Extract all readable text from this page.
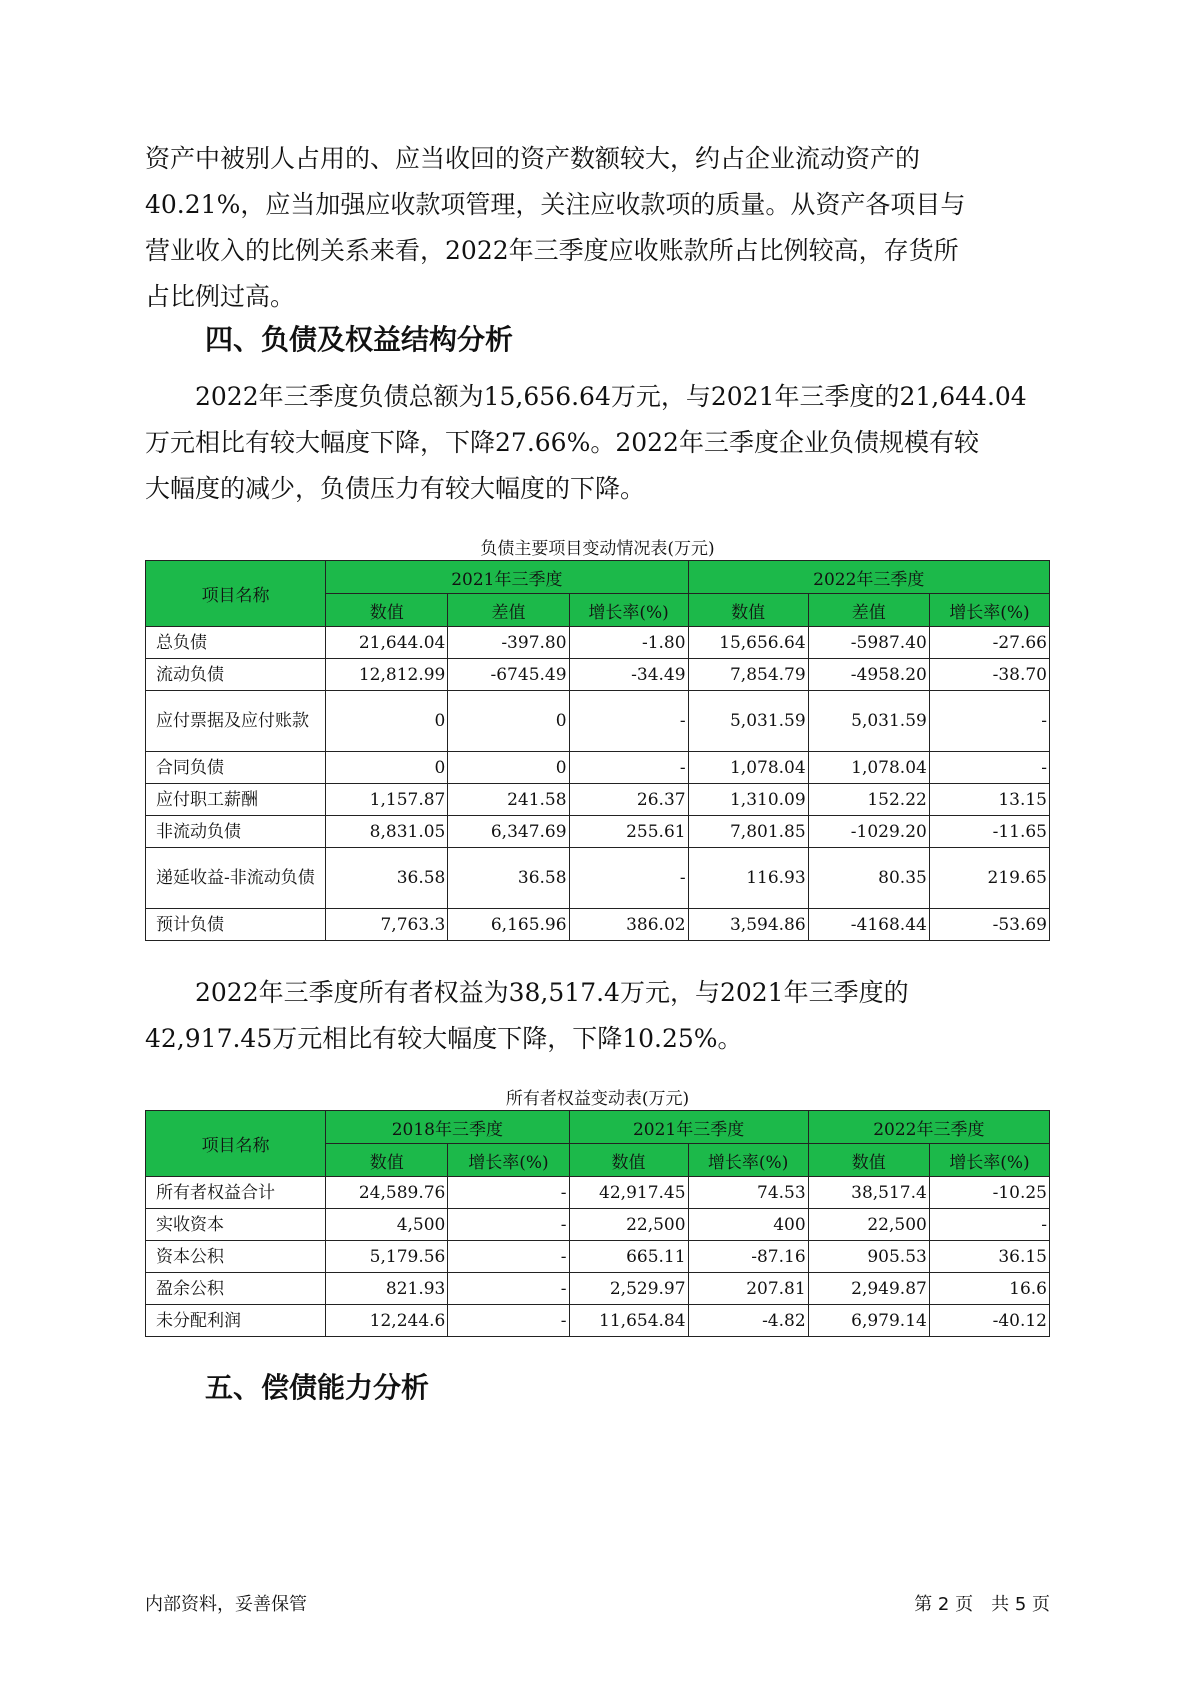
资产中被别人占用的、应当收回的资产数额较大，约占企业流动资产的
40.21%，应当加强应收款项管理，关注应收款项的质量。从资产各项目与
营业收入的比例关系来看，2022年三季度应收账款所占比例较高，存货所
占比例过高。
四、负债及权益结构分析
　　2022年三季度负债总额为15,656.64万元，与2021年三季度的21,644.04
万元相比有较大幅度下降，下降27.66%。2022年三季度企业负债规模有较
大幅度的减少，负债压力有较大幅度的下降。
负债主要项目变动情况表(万元)
项目名称	2021年三季度			2022年三季度		
	数值	差值	增长率(%)	数值	差值	增长率(%)
总负债	21,644.04	-397.80	-1.80	15,656.64	-5987.40	-27.66
流动负债	12,812.99	-6745.49	-34.49	7,854.79	-4958.20	-38.70
应付票据及应付账款	0	0	-	5,031.59	5,031.59	-
合同负债	0	0	-	1,078.04	1,078.04	-
应付职工薪酬	1,157.87	241.58	26.37	1,310.09	152.22	13.15
非流动负债	8,831.05	6,347.69	255.61	7,801.85	-1029.20	-11.65
递延收益-非流动负债	36.58	36.58	-	116.93	80.35	219.65
预计负债	7,763.3	6,165.96	386.02	3,594.86	-4168.44	-53.69
　　2022年三季度所有者权益为38,517.4万元，与2021年三季度的
42,917.45万元相比有较大幅度下降，下降10.25%。
所有者权益变动表(万元)
项目名称	2018年三季度		2021年三季度		2022年三季度	
	数值	增长率(%)	数值	增长率(%)	数值	增长率(%)
所有者权益合计	24,589.76	-	42,917.45	74.53	38,517.4	-10.25
实收资本	4,500	-	22,500	400	22,500	-
资本公积	5,179.56	-	665.11	-87.16	905.53	36.15
盈余公积	821.93	-	2,529.97	207.81	2,949.87	16.6
未分配利润	12,244.6	-	11,654.84	-4.82	6,979.14	-40.12
五、偿债能力分析
内部资料，妥善保管	第 2 页　共 5 页
